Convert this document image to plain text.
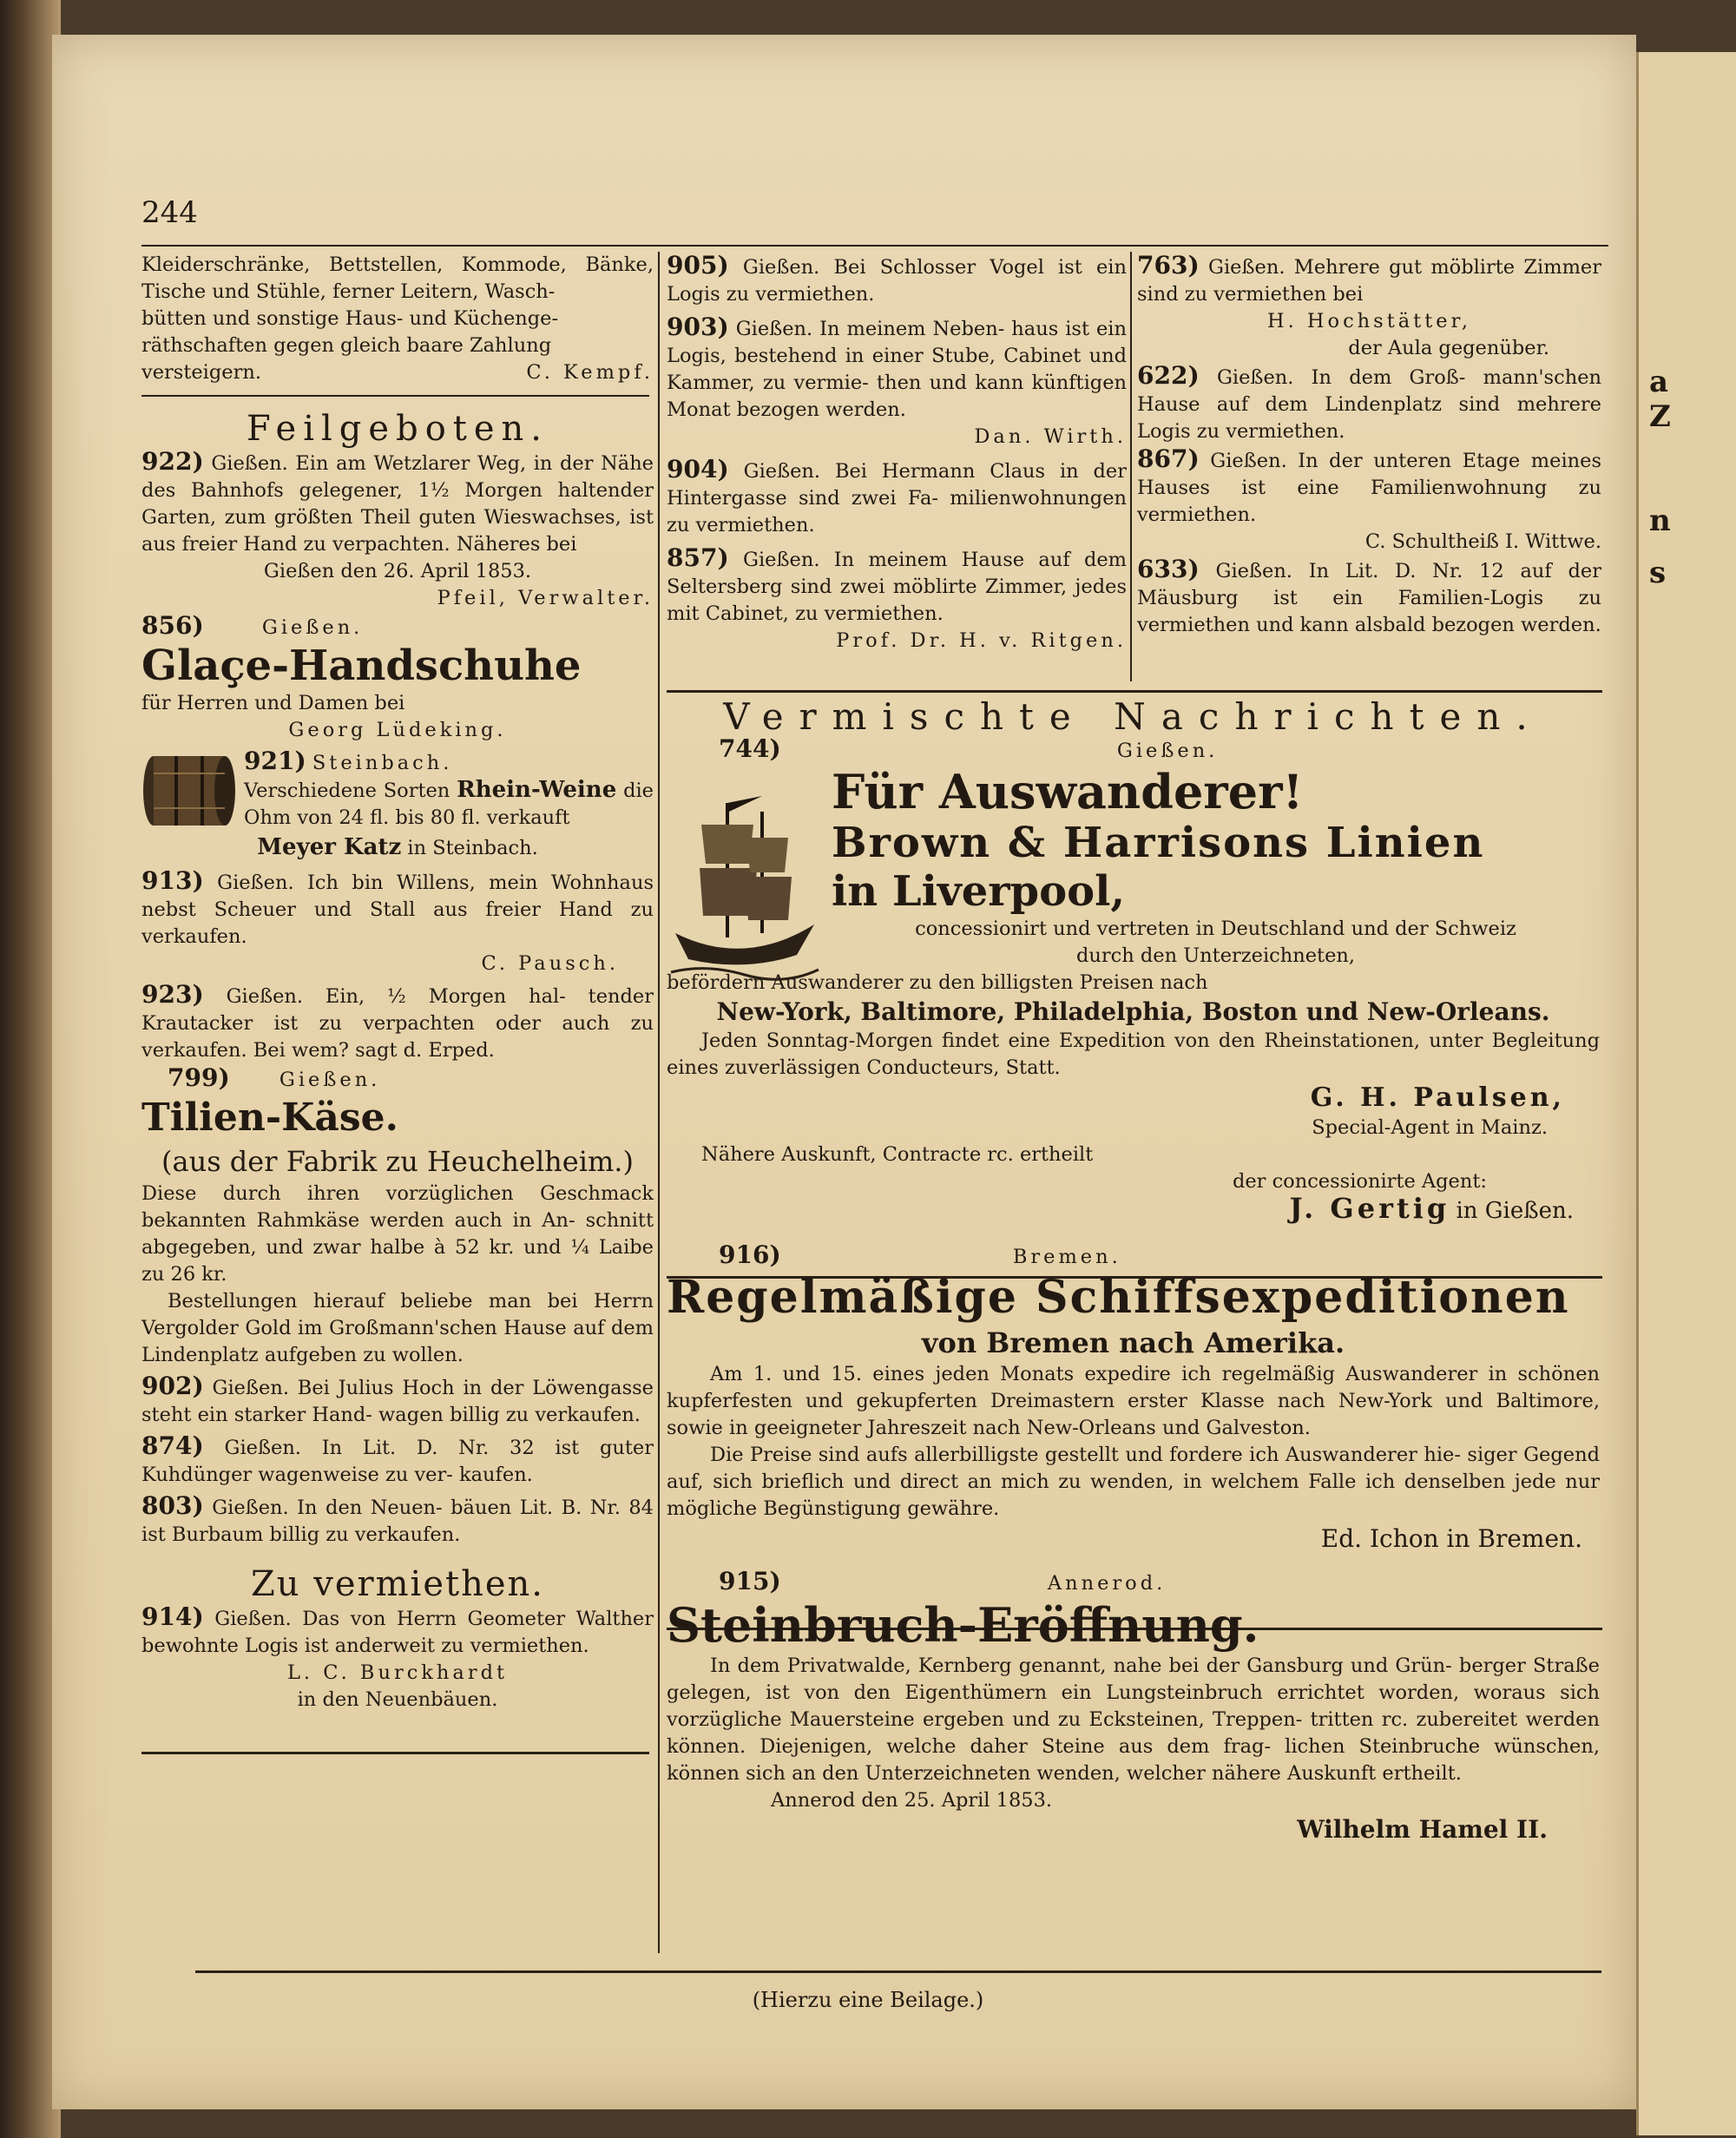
a
Z
n
s
244

Kleiderschränke, Bettstellen, Kommode, Bänke, Tische und Stühle, ferner Leitern, Wasch-

bütten und sonstige Haus- und Küchenge-

räthschaften gegen gleich baare Zahlung

versteigern.	C. Kempf.

Feilgeboten.

922) Gießen. Ein am Wetzlarer Weg, in der Nähe des Bahnhofs gelegener, 1½ Morgen haltender Garten, zum größten Theil guten Wieswachses, ist aus freier Hand zu verpachten. Näheres bei

Gießen den 26. April 1853.

Pfeil, Verwalter.

856)	Gießen.

Glaçe-Handschuhe

für Herren und Damen bei

Georg Lüdeking.

921) Steinbach.

Verschiedene Sorten Rhein-Weine die Ohm von 24 fl. bis 80 fl. verkauft

Meyer Katz in Steinbach.

913) Gießen. Ich bin Willens, mein Wohnhaus nebst Scheuer und Stall aus freier Hand zu verkaufen.

C. Pausch.

923) Gießen. Ein, ½ Morgen hal- tender Krautacker ist zu verpachten oder auch zu verkaufen. Bei wem? sagt d. Erped.

799)	Gießen.

Tilien-Käse.

(aus der Fabrik zu Heuchelheim.)

Diese durch ihren vorzüglichen Geschmack bekannten Rahmkäse werden auch in An- schnitt abgegeben, und zwar halbe à 52 kr. und ¼ Laibe zu 26 kr.

Bestellungen hierauf beliebe man bei Herrn Vergolder Gold im Großmann'schen Hause auf dem Lindenplatz aufgeben zu wollen.

902) Gießen. Bei Julius Hoch in der Löwengasse steht ein starker Hand- wagen billig zu verkaufen.

874) Gießen. In Lit. D. Nr. 32 ist guter Kuhdünger wagenweise zu ver- kaufen.

803) Gießen. In den Neuen- bäuen Lit. B. Nr. 84 ist Burbaum billig zu verkaufen.

Zu vermiethen.

914) Gießen. Das von Herrn Geometer Walther bewohnte Logis ist anderweit zu vermiethen.

L. C. Burckhardt

in den Neuenbäuen.

905) Gießen. Bei Schlosser Vogel ist ein Logis zu vermiethen.

903) Gießen. In meinem Neben- haus ist ein Logis, bestehend in einer Stube, Cabinet und Kammer, zu vermie- then und kann künftigen Monat bezogen werden.

Dan. Wirth.

904) Gießen. Bei Hermann Claus in der Hintergasse sind zwei Fa- milienwohnungen zu vermiethen.

857) Gießen. In meinem Hause auf dem Seltersberg sind zwei möblirte Zimmer, jedes mit Cabinet, zu vermiethen.

Prof. Dr. H. v. Ritgen.

763) Gießen. Mehrere gut möblirte Zimmer sind zu vermiethen bei

H. Hochstätter,

der Aula gegenüber.

622) Gießen. In dem Groß- mann'schen Hause auf dem Lindenplatz sind mehrere Logis zu vermiethen.

867) Gießen. In der unteren Etage meines Hauses ist eine Familienwohnung zu vermiethen.

C. Schultheiß I. Wittwe.

633) Gießen. In Lit. D. Nr. 12 auf der Mäusburg ist ein Familien-Logis zu vermiethen und kann alsbald bezogen werden.

Vermischte Nachrichten.

744)	Gießen.

Für Auswanderer!

Brown & Harrisons Linien

in Liverpool,

concessionirt und vertreten in Deutschland und der Schweiz

durch den Unterzeichneten,

befördern Auswanderer zu den billigsten Preisen nach

New-York, Baltimore, Philadelphia, Boston und New-Orleans.

Jeden Sonntag-Morgen findet eine Expedition von den Rheinstationen, unter Begleitung eines zuverlässigen Conducteurs, Statt.

G. H. Paulsen,

Special-Agent in Mainz.

Nähere Auskunft, Contracte rc. ertheilt

der concessionirte Agent:

J. Gertig in Gießen.

916)	Bremen.

Regelmäßige Schiffsexpeditionen

von Bremen nach Amerika.

Am 1. und 15. eines jeden Monats expedire ich regelmäßig Auswanderer in schönen kupferfesten und gekupferten Dreimastern erster Klasse nach New-York und Baltimore, sowie in geeigneter Jahreszeit nach New-Orleans und Galveston.

Die Preise sind aufs allerbilligste gestellt und fordere ich Auswanderer hie- siger Gegend auf, sich brieflich und direct an mich zu wenden, in welchem Falle ich denselben jede nur mögliche Begünstigung gewähre.

Ed. Ichon in Bremen.

915)	Annerod.

Steinbruch-Eröffnung.

In dem Privatwalde, Kernberg genannt, nahe bei der Gansburg und Grün- berger Straße gelegen, ist von den Eigenthümern ein Lungsteinbruch errichtet worden, woraus sich vorzügliche Mauersteine ergeben und zu Ecksteinen, Treppen- tritten rc. zubereitet werden können. Diejenigen, welche daher Steine aus dem frag- lichen Steinbruche wünschen, können sich an den Unterzeichneten wenden, welcher nähere Auskunft ertheilt.

Annerod den 25. April 1853.

Wilhelm Hamel II.

(Hierzu eine Beilage.)
